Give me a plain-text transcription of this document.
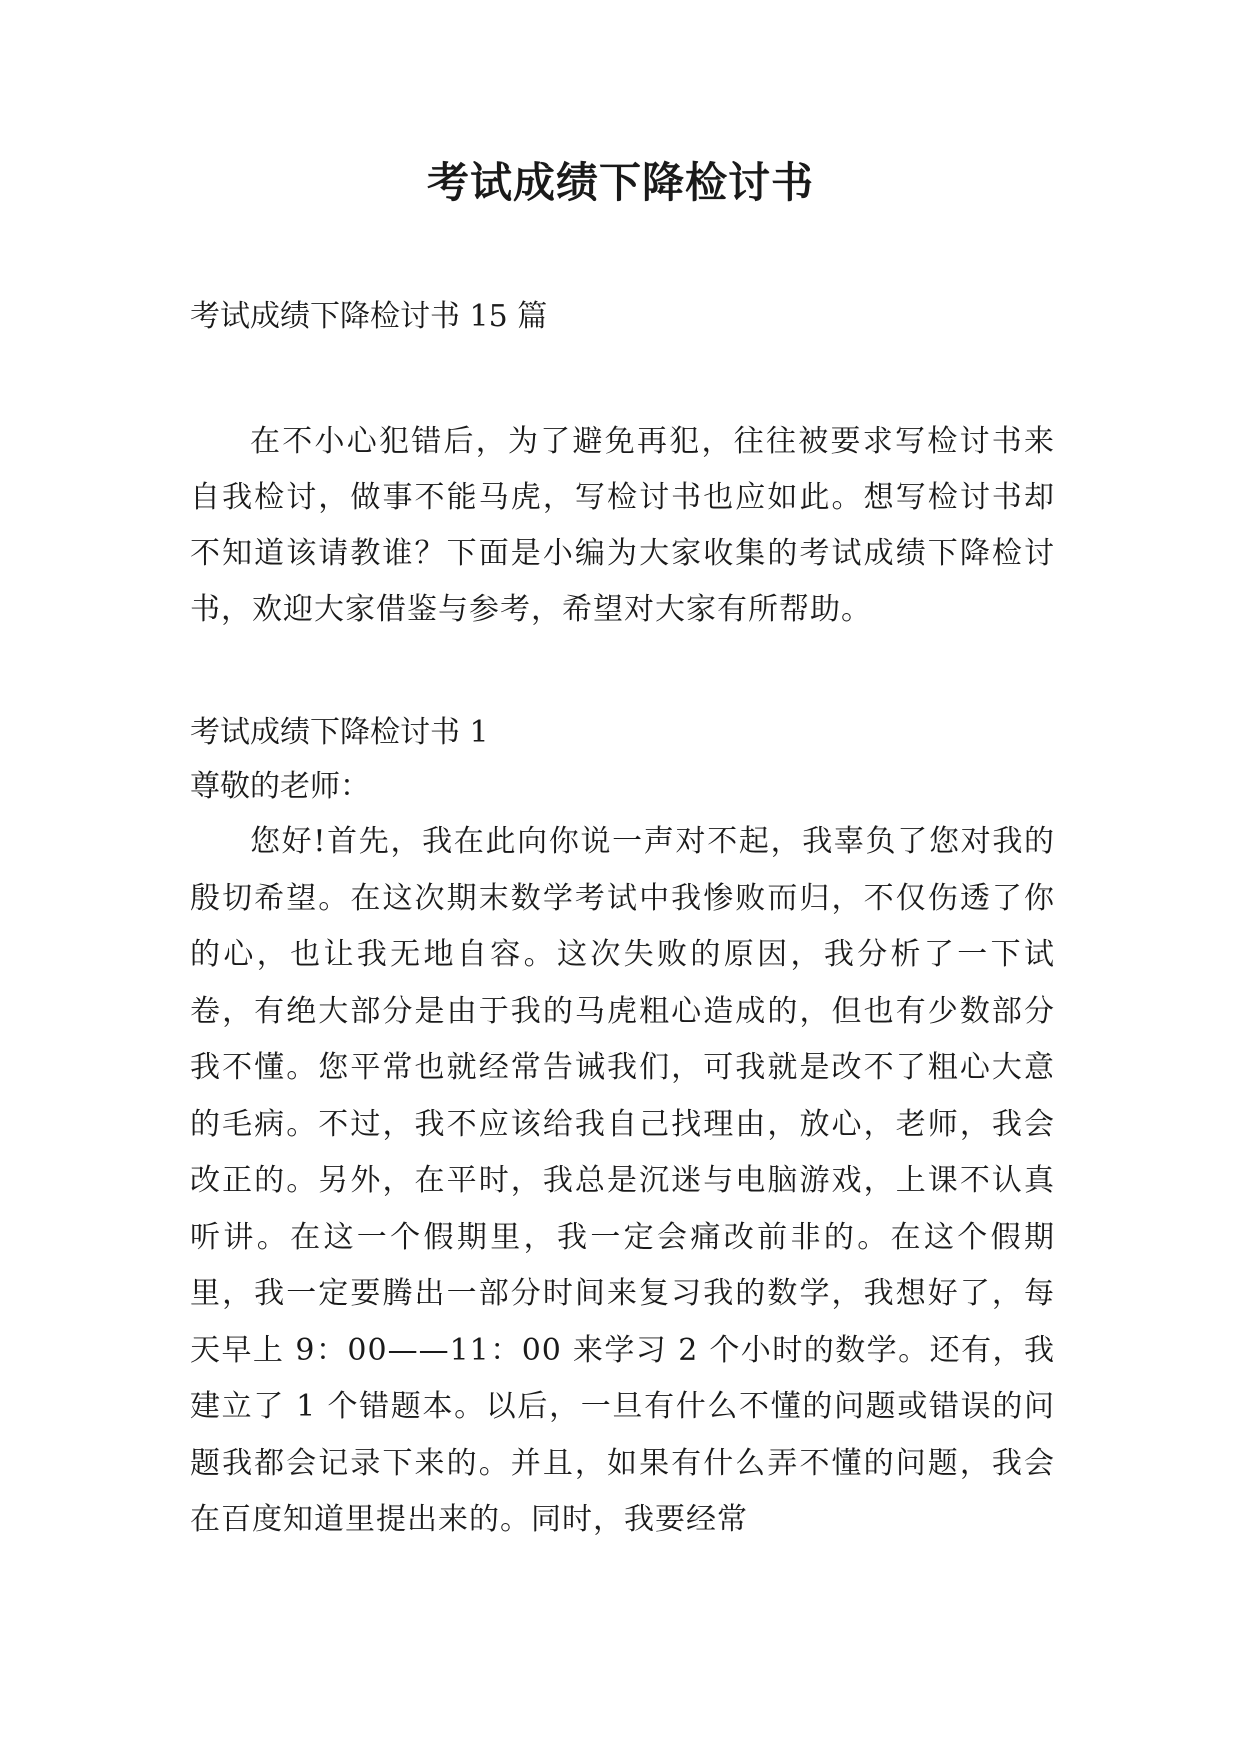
考试成绩下降检讨书

考试成绩下降检讨书 15 篇

在不小心犯错后，为了避免再犯，往往被要求写检讨书来自我检讨，做事不能马虎，写检讨书也应如此。想写检讨书却不知道该请教谁？下面是小编为大家收集的考试成绩下降检讨书，欢迎大家借鉴与参考，希望对大家有所帮助。

考试成绩下降检讨书 1

尊敬的老师：

您好!首先，我在此向你说一声对不起，我辜负了您对我的殷切希望。在这次期末数学考试中我惨败而归，不仅伤透了你的心，也让我无地自容。这次失败的原因，我分析了一下试卷，有绝大部分是由于我的马虎粗心造成的，但也有少数部分我不懂。您平常也就经常告诫我们，可我就是改不了粗心大意的毛病。不过，我不应该给我自己找理由，放心，老师，我会改正的。另外，在平时，我总是沉迷与电脑游戏，上课不认真听讲。在这一个假期里，我一定会痛改前非的。在这个假期里，我一定要腾出一部分时间来复习我的数学，我想好了，每天早上 9：00——11：00 来学习 2 个小时的数学。还有，我建立了 1 个错题本。以后，一旦有什么不懂的问题或错误的问题我都会记录下来的。并且，如果有什么弄不懂的问题，我会在百度知道里提出来的。同时，我要经常
